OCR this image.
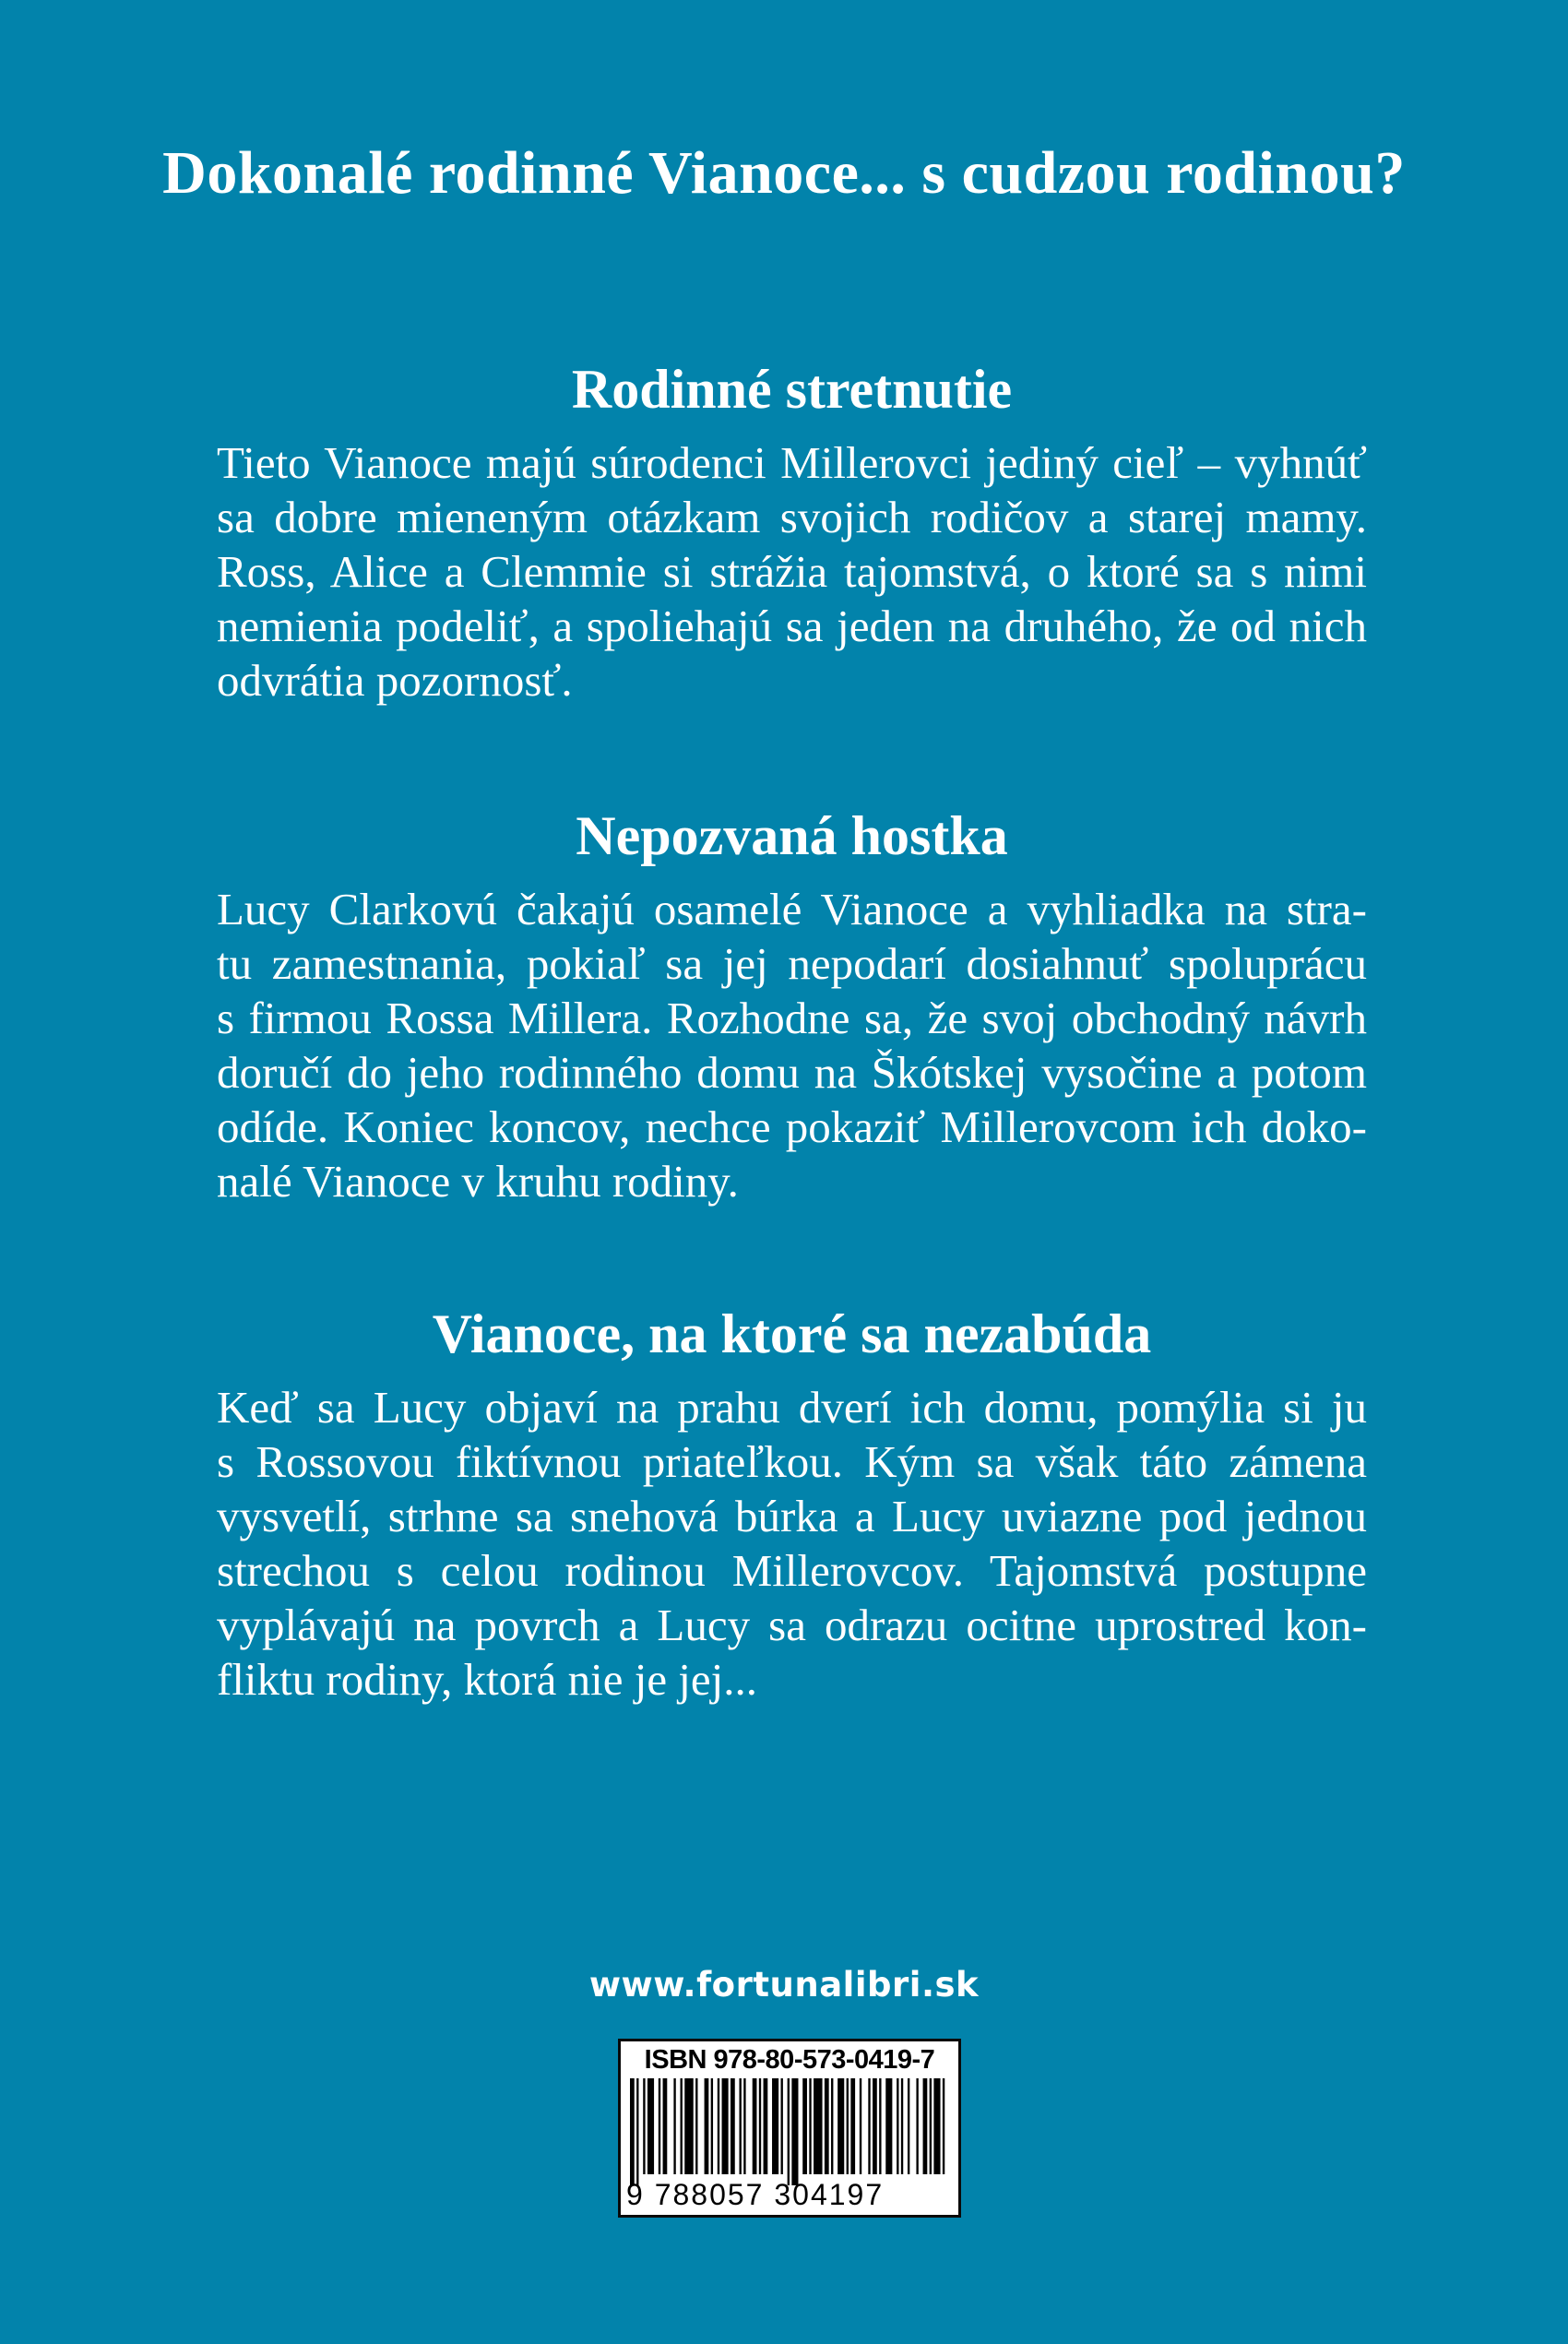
Dokonalé rodinné Vianoce... s cudzou rodinou?
Rodinné stretnutie

Tieto Vianoce majú súrodenci Millerovci jediný cieľ – vyhnúť
sa dobre mieneným otázkam svojich rodičov a starej mamy.
Ross, Alice a Clemmie si strážia tajomstvá, o ktoré sa s nimi
nemienia podeliť, a spoliehajú sa jeden na druhého, že od nich
odvrátia pozornosť.

Nepozvaná hostka

Lucy Clarkovú čakajú osamelé Vianoce a vyhliadka na stra-
tu zamestnania, pokiaľ sa jej nepodarí dosiahnuť spoluprácu
s firmou Rossa Millera. Rozhodne sa, že svoj obchodný návrh
doručí do jeho rodinného domu na Škótskej vysočine a potom
odíde. Koniec koncov, nechce pokaziť Millerovcom ich doko-
nalé Vianoce v kruhu rodiny.

Vianoce, na ktoré sa nezabúda

Keď sa Lucy objaví na prahu dverí ich domu, pomýlia si ju
s Rossovou fiktívnou priateľkou. Kým sa však táto zámena
vysvetlí, strhne sa snehová búrka a Lucy uviazne pod jednou
strechou s celou rodinou Millerovcov. Tajomstvá postupne
vyplávajú na povrch a Lucy sa odrazu ocitne uprostred kon-
fliktu rodiny, ktorá nie je jej...

www.fortunalibri.sk
ISBN 978-80-573-0419-7
9 788057 304197
